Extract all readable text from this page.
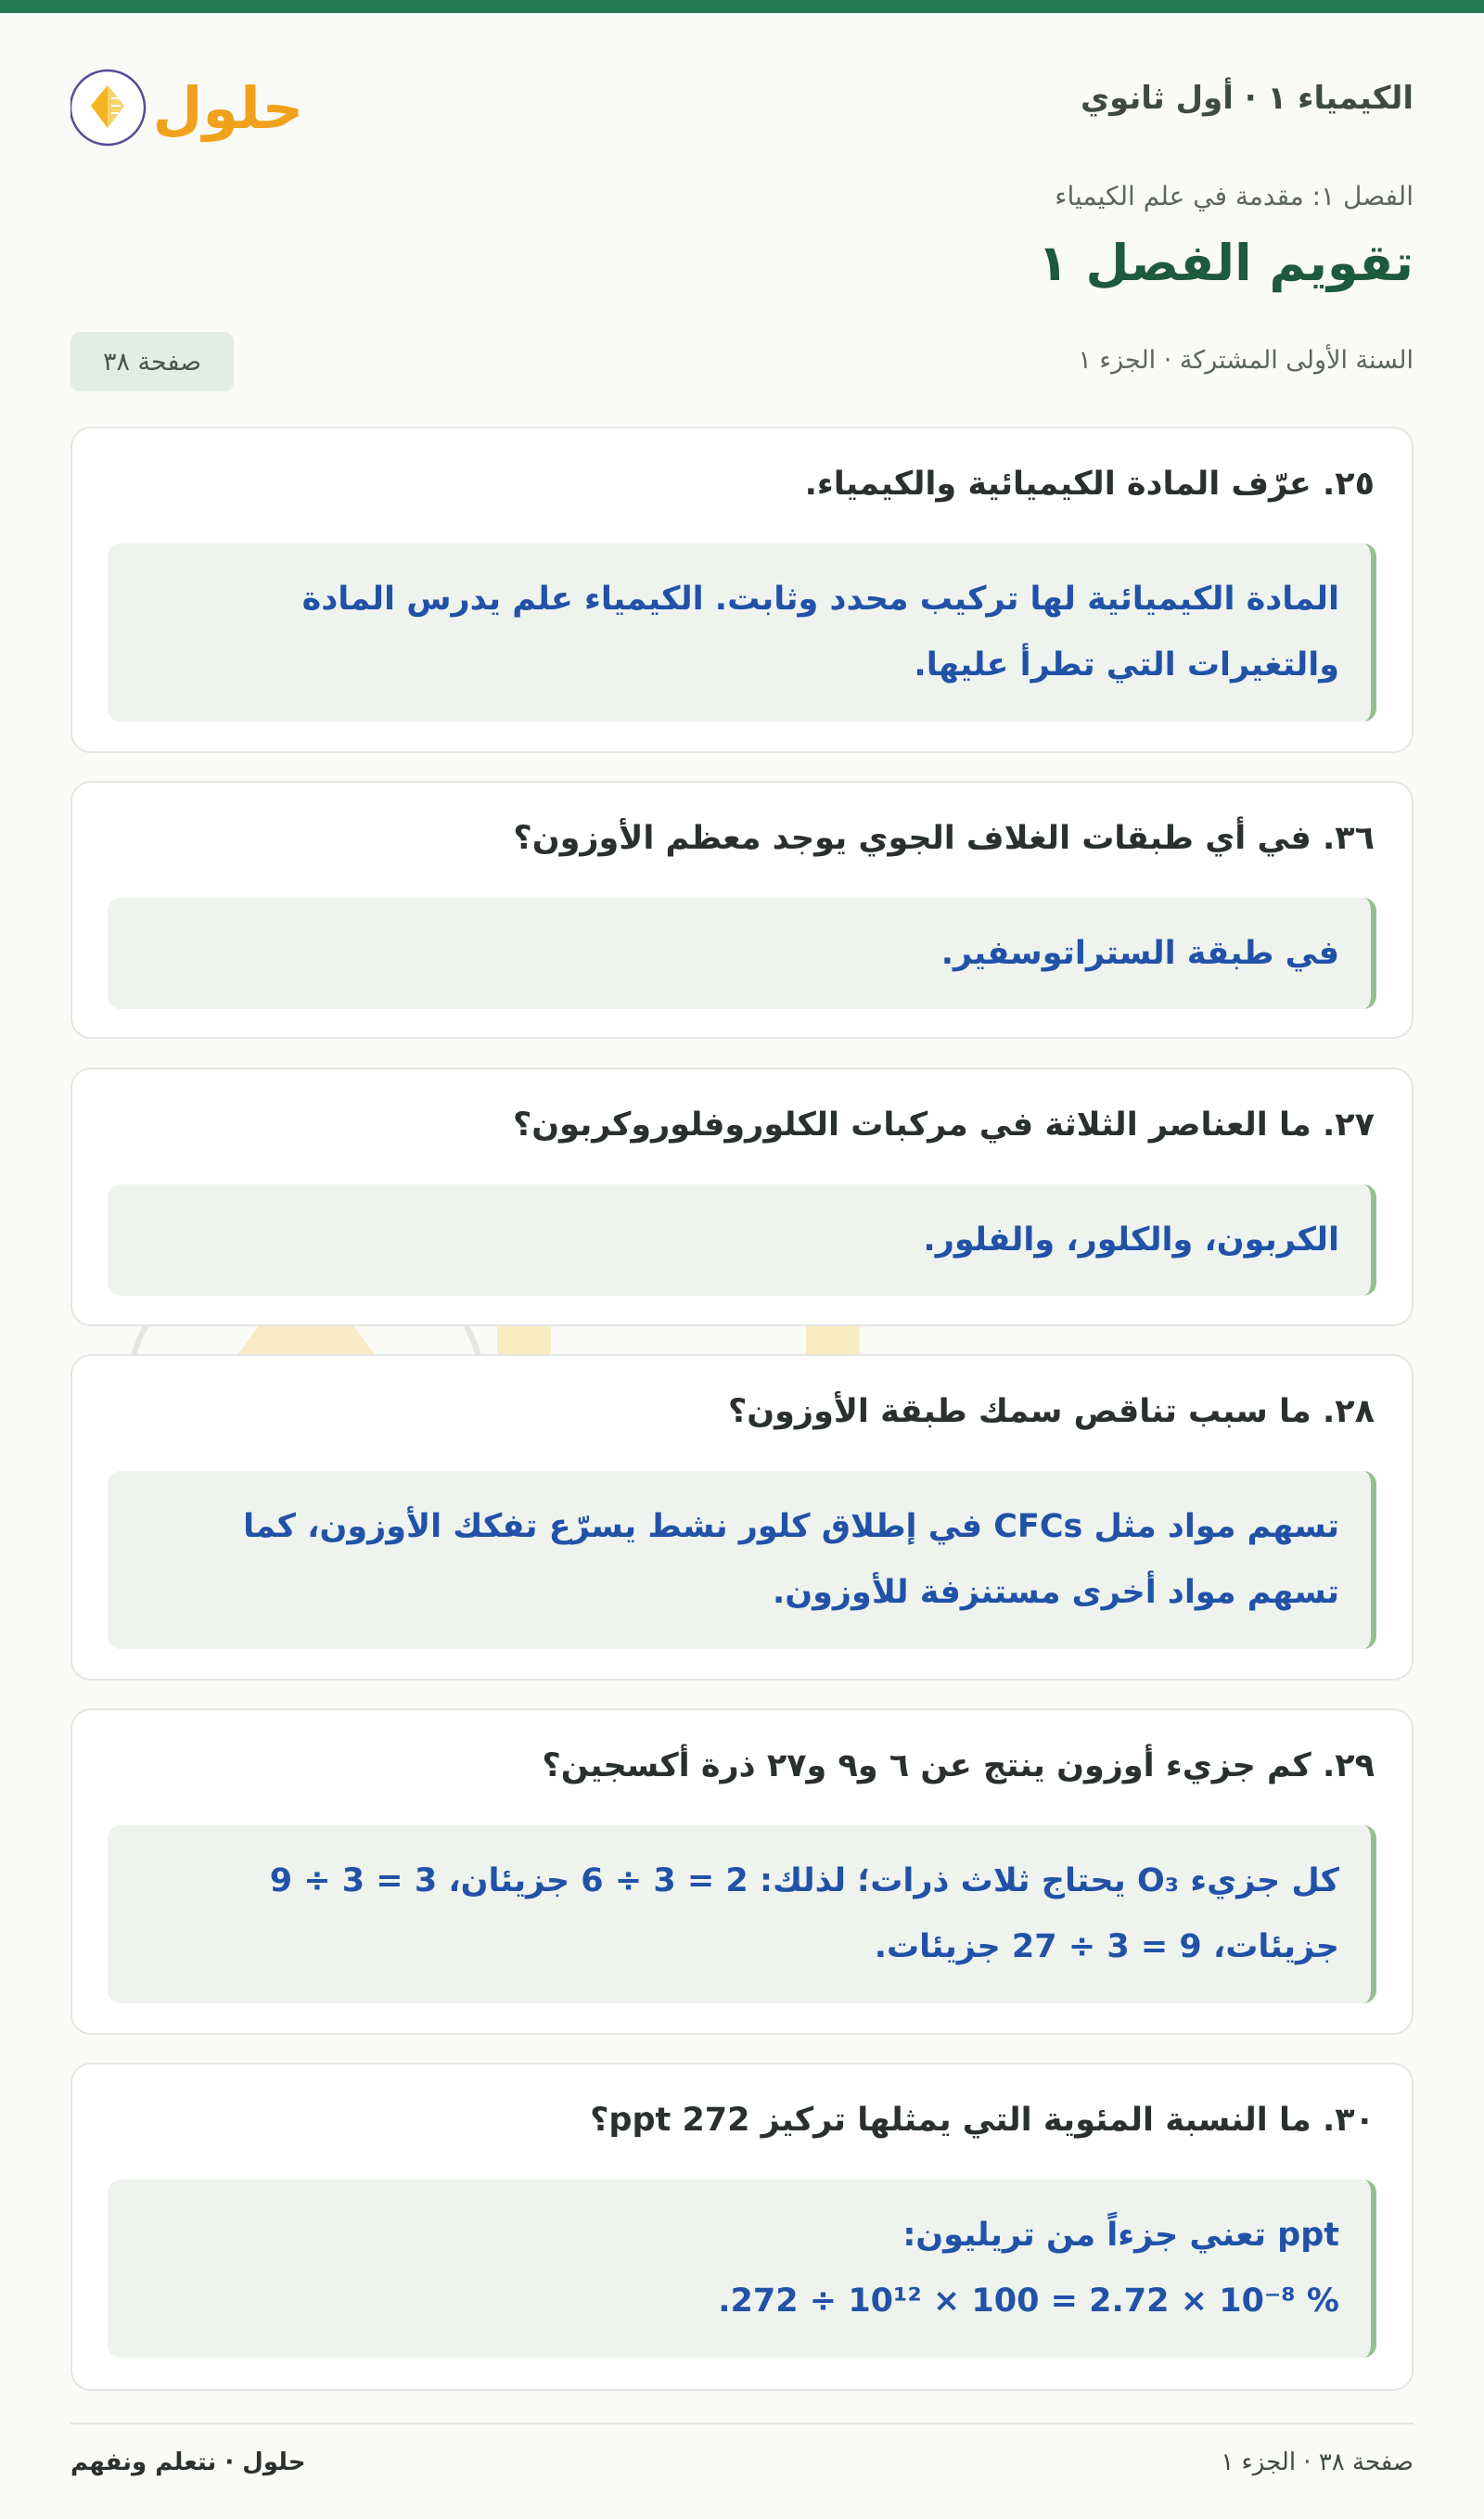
الكيمياء ١ · أول ثانوي
حلول
الفصل ١: مقدمة في علم الكيمياء
تقويم الفصل ١
السنة الأولى المشتركة · الجزء ١
صفحة ٣٨
٢٥. عرّف المادة الكيميائية والكيمياء.
المادة الكيميائية لها تركيب محدد وثابت. الكيمياء علم يدرس المادة
والتغيرات التي تطرأ عليها.
٣٦. في أي طبقات الغلاف الجوي يوجد معظم الأوزون؟
في طبقة الستراتوسفير.
٢٧. ما العناصر الثلاثة في مركبات الكلوروفلوروكربون؟
الكربون، والكلور، والفلور.
٢٨. ما سبب تناقص سمك طبقة الأوزون؟
تسهم مواد مثل CFCs في إطلاق كلور نشط يسرّع تفكك الأوزون، كما
تسهم مواد أخرى مستنزفة للأوزون.
٢٩. كم جزيء أوزون ينتج عن ٦ و٩ و٢٧ ذرة أكسجين؟
كل جزيء O₃ يحتاج ثلاث ذرات؛ لذلك: 2 = 3 ÷ 6 جزيئان، 3 = 3 ÷ 9
جزيئات، 9 = 3 ÷ 27 جزيئات.
٣٠. ما النسبة المئوية التي يمثلها تركيز 272 ppt؟
ppt تعني جزءاً من تريليون:
% 10⁻⁸ × 2.72 = 100 × 10¹² ÷ 272.
صفحة ٣٨ · الجزء ١
حلول · نتعلم ونفهم
